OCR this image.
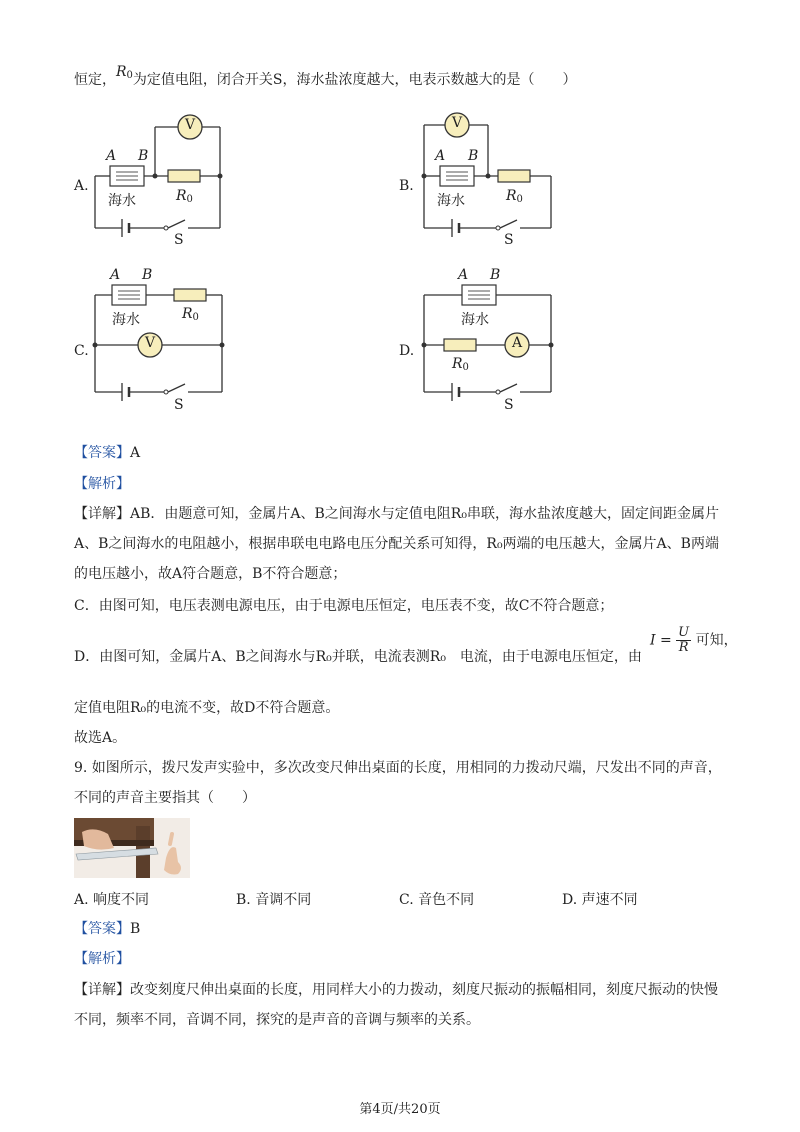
恒定，$R^0$为定值电阻，闭合开关S，海水盐浓度越大，电表示数越大的是（　　）
A.
A B
海水	$R_0$
V
S
B.
A B
海水	$R_0$
V
S
C.
A B
海水	$R_0$
V
S
D.
A B
海水
$R_0$
A
S
【答案】A
【解析】
【详解】AB．由题意可知，金属片A、B之间海水与定值电阻R₀串联，海水盐浓度越大，固定间距金属片
A、B之间海水的电阻越小，根据串联电电路电压分配关系可知得，R₀两端的电压越大，金属片A、B两端
的电压越小，故A符合题意，B不符合题意；
C．由图可知，电压表测电源电压，由于电源电压恒定，电压表不变，故C不符合题意；
D．由图可知，金属片A、B之间海水与R₀并联，电流表测R₀　电流，由于电源电压恒定，由
$I = \frac{U}{R}$ 可知，
定值电阻R₀的电流不变，故D不符合题意。
故选A。
9. 如图所示，拨尺发声实验中，多次改变尺伸出桌面的长度，用相同的力拨动尺端，尺发出不同的声音，
不同的声音主要指其（　　）
A. 响度不同	B. 音调不同	C. 音色不同	D. 声速不同
【答案】B
【解析】
【详解】改变刻度尺伸出桌面的长度，用同样大小的力拨动，刻度尺振动的振幅相同，刻度尺振动的快慢
不同，频率不同，音调不同，探究的是声音的音调与频率的关系。
第4页/共20页
